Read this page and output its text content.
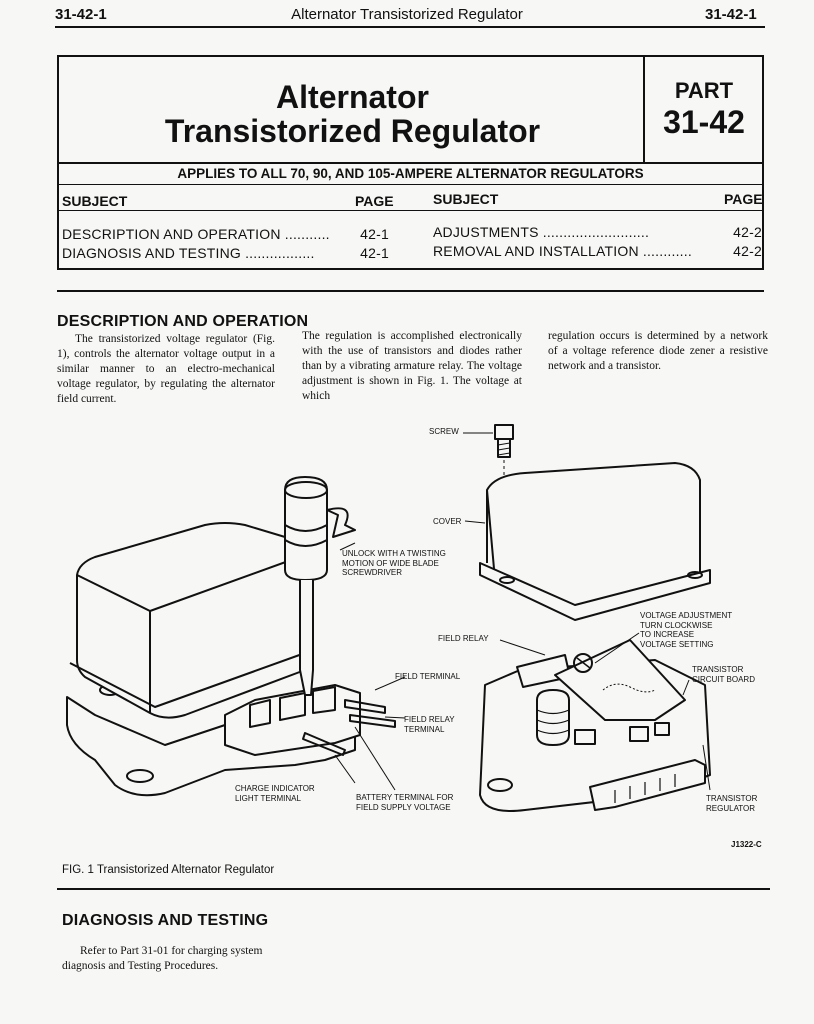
31-42-1	Alternator Transistorized Regulator	31-42-1
Alternator
Transistorized Regulator
PART
31-42
APPLIES TO ALL 70, 90, AND 105-AMPERE ALTERNATOR REGULATORS
SUBJECT	PAGE	SUBJECT	PAGE
DESCRIPTION AND OPERATION ........... 42-1
DIAGNOSIS AND TESTING .................	42-1
ADJUSTMENTS ..........................	42-2
REMOVAL AND INSTALLATION ............	42-2
DESCRIPTION AND OPERATION
The transistorized voltage regulator (Fig. 1), controls the alternator voltage output in a similar manner to an electro-mechanical voltage regulator, by regulating the alternator field current.
The regulation is accomplished electronically with the use of transistors and diodes rather than by a vibrating armature relay. The voltage adjustment is shown in Fig. 1. The voltage at which
regulation occurs is determined by a network of a voltage reference diode zener a resistive network and a transistor.
SCREW
COVER
UNLOCK WITH A TWISTING
MOTION OF WIDE BLADE
SCREWDRIVER
VOLTAGE ADJUSTMENT
TURN CLOCKWISE
TO INCREASE
VOLTAGE SETTING
FIELD RELAY
TRANSISTOR
CIRCUIT BOARD
FIELD TERMINAL
FIELD RELAY
TERMINAL
CHARGE INDICATOR
LIGHT TERMINAL	BATTERY TERMINAL FOR
FIELD SUPPLY VOLTAGE
TRANSISTOR
REGULATOR
J1322-C
FIG. 1 Transistorized Alternator Regulator
DIAGNOSIS AND TESTING
Refer to Part 31-01 for charging system diagnosis and Testing Procedures.
